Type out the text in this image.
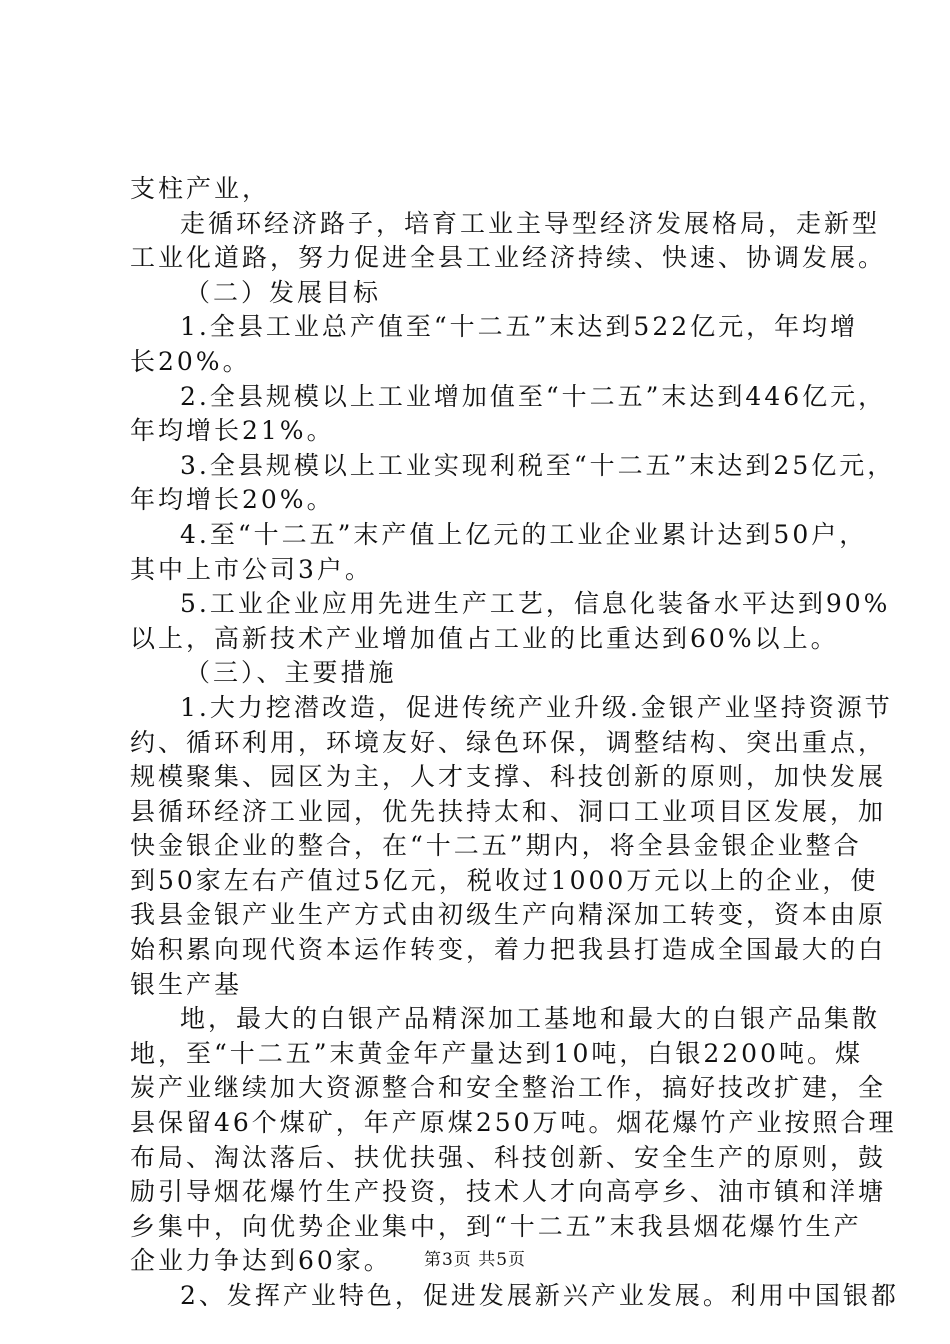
支柱产业，
走循环经济路子，培育工业主导型经济发展格局，走新型
工业化道路，努力促进全县工业经济持续、快速、协调发展。
（二）发展目标
1.全县工业总产值至“十二五”末达到522亿元，年均增
长20%。
2.全县规模以上工业增加值至“十二五”末达到446亿元，
年均增长21%。
3.全县规模以上工业实现利税至“十二五”末达到25亿元，
年均增长20%。
4.至“十二五”末产值上亿元的工业企业累计达到50户，
其中上市公司3户。
5.工业企业应用先进生产工艺，信息化装备水平达到90%
以上，高新技术产业增加值占工业的比重达到60%以上。
（三）、主要措施
1.大力挖潜改造，促进传统产业升级.金银产业坚持资源节
约、循环利用，环境友好、绿色环保，调整结构、突出重点，
规模聚集、园区为主，人才支撑、科技创新的原则，加快发展
县循环经济工业园，优先扶持太和、洞口工业项目区发展，加
快金银企业的整合，在“十二五”期内，将全县金银企业整合
到50家左右产值过5亿元，税收过1000万元以上的企业，使
我县金银产业生产方式由初级生产向精深加工转变，资本由原
始积累向现代资本运作转变，着力把我县打造成全国最大的白
银生产基
地，最大的白银产品精深加工基地和最大的白银产品集散
地，至“十二五”末黄金年产量达到10吨，白银2200吨。煤
炭产业继续加大资源整合和安全整治工作，搞好技改扩建，全
县保留46个煤矿，年产原煤250万吨。烟花爆竹产业按照合理
布局、淘汰落后、扶优扶强、科技创新、安全生产的原则，鼓
励引导烟花爆竹生产投资，技术人才向高亭乡、油市镇和洋塘
乡集中，向优势企业集中，到“十二五”末我县烟花爆竹生产
企业力争达到60家。
2、发挥产业特色，促进发展新兴产业发展。利用中国银都
第3页 共5页
